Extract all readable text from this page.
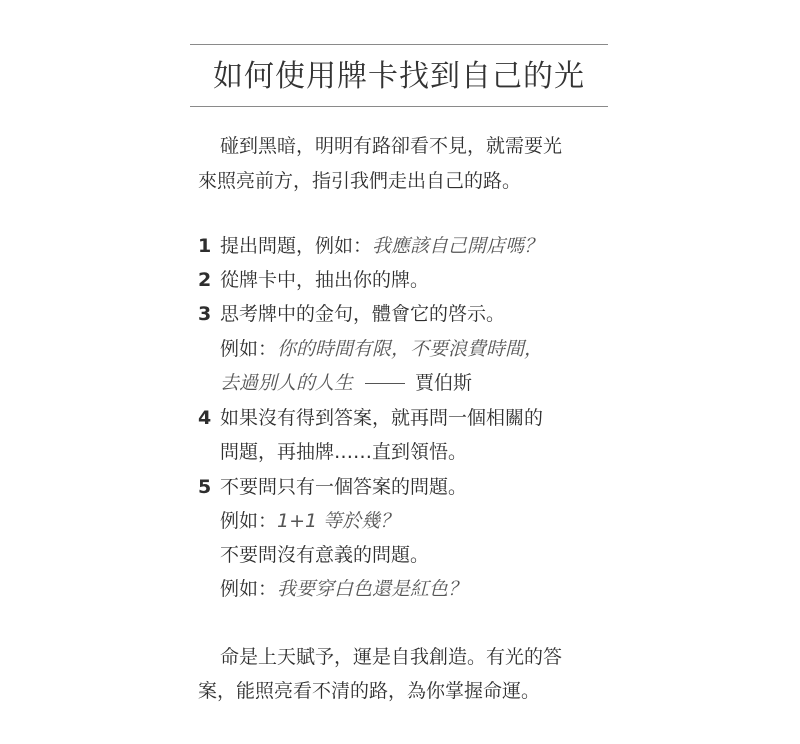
如何使用牌卡找到自己的光
碰到黑暗，明明有路卻看不見，就需要光
來照亮前方，指引我們走出自己的路。
1 提出問題，例如：我應該自己開店嗎？
2 從牌卡中，抽出你的牌。
3 思考牌中的金句，體會它的啓示。
例如：你的時間有限，不要浪費時間，
去過別人的人生	賈伯斯
4 如果沒有得到答案，就再問一個相關的
問題，再抽牌……直到領悟。
5 不要問只有一個答案的問題。
例如：1+1 等於幾？
不要問沒有意義的問題。
例如：我要穿白色還是紅色？
命是上天賦予，運是自我創造。有光的答
案，能照亮看不清的路，為你掌握命運。
